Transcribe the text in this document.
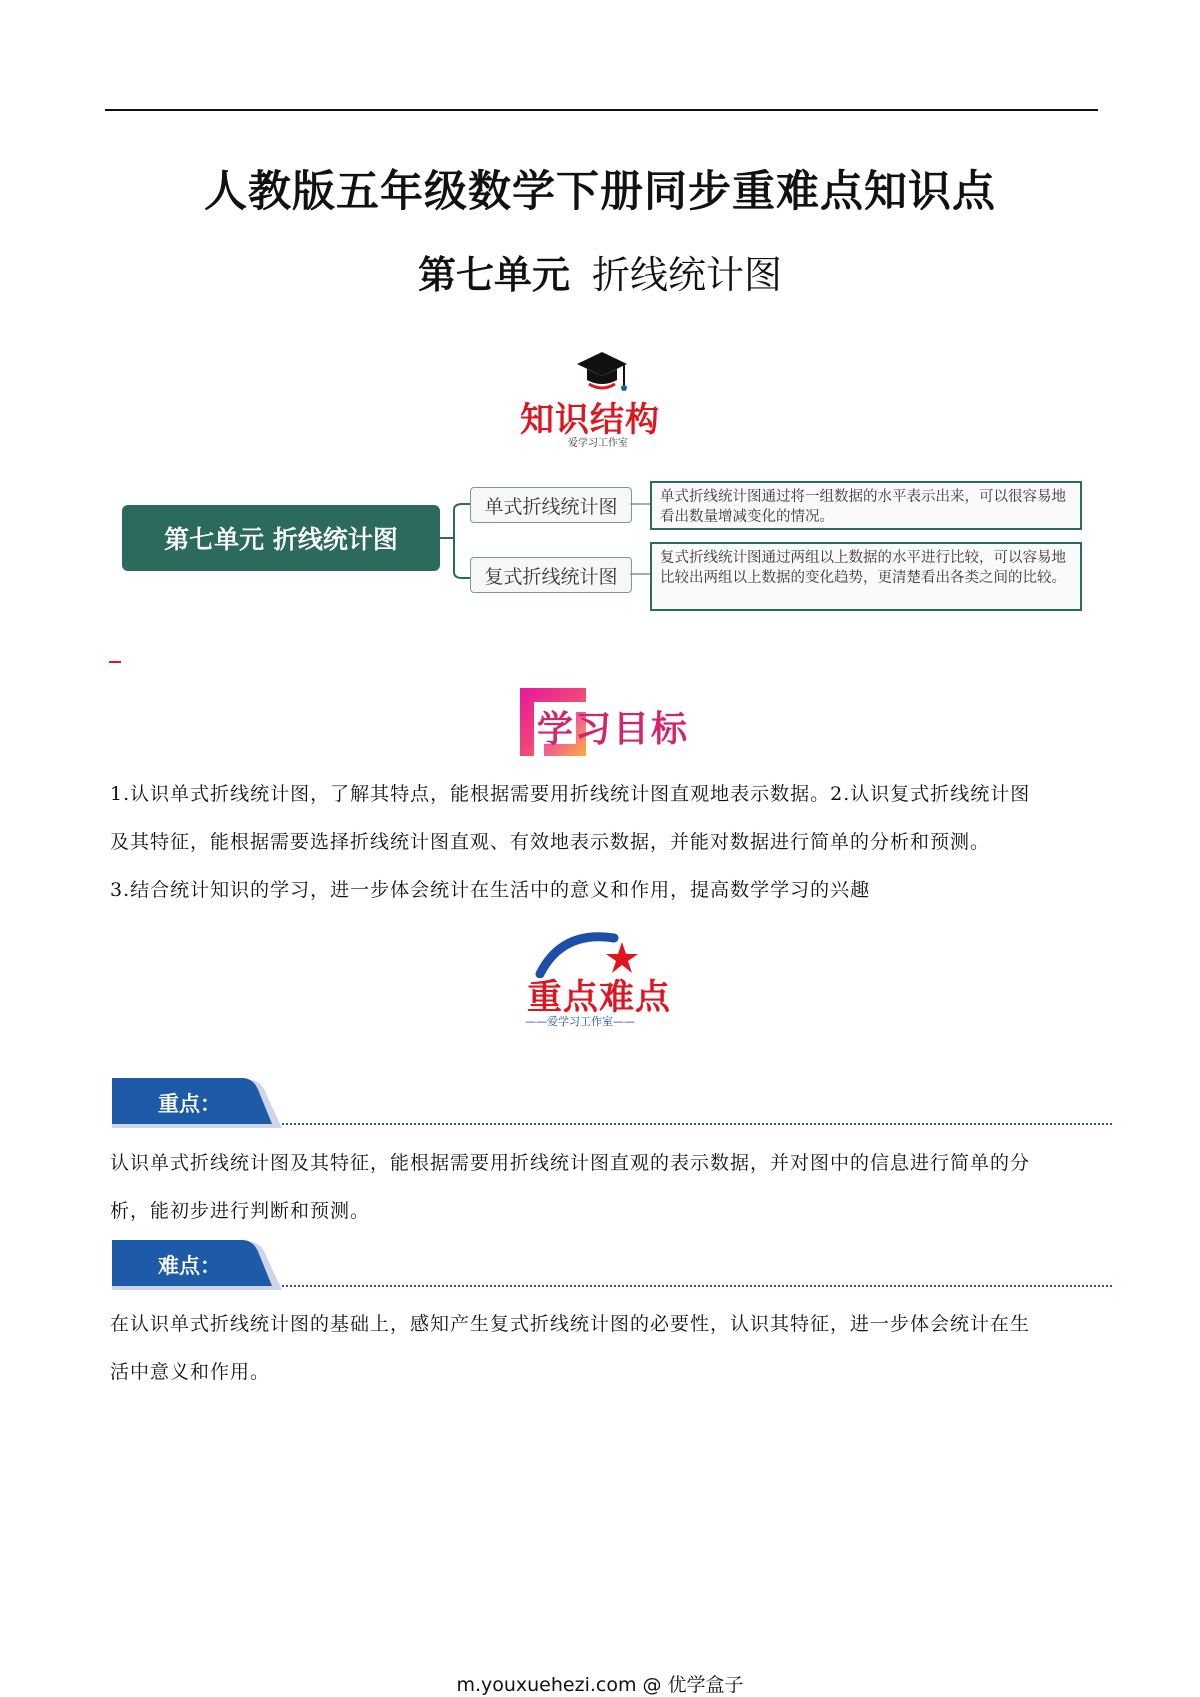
人教版五年级数学下册同步重难点知识点
第七单元 折线统计图
知识结构
爱学习工作室
第七单元 折线统计图
单式折线统计图
复式折线统计图
单式折线统计图通过将一组数据的水平表示出来，可以很容易地看出数量增减变化的情况。
复式折线统计图通过两组以上数据的水平进行比较，可以容易地比较出两组以上数据的变化趋势，更清楚看出各类之间的比较。
学习目标
1.认识单式折线统计图，了解其特点，能根据需要用折线统计图直观地表示数据。2.认识复式折线统计图
及其特征，能根据需要选择折线统计图直观、有效地表示数据，并能对数据进行简单的分析和预测。
3.结合统计知识的学习，进一步体会统计在生活中的意义和作用，提高数学学习的兴趣
重点难点
——爱学习工作室——
重点：
认识单式折线统计图及其特征，能根据需要用折线统计图直观的表示数据，并对图中的信息进行简单的分
析，能初步进行判断和预测。
难点：
在认识单式折线统计图的基础上，感知产生复式折线统计图的必要性，认识其特征，进一步体会统计在生
活中意义和作用。
m.youxuehezi.com @ 优学盒子
